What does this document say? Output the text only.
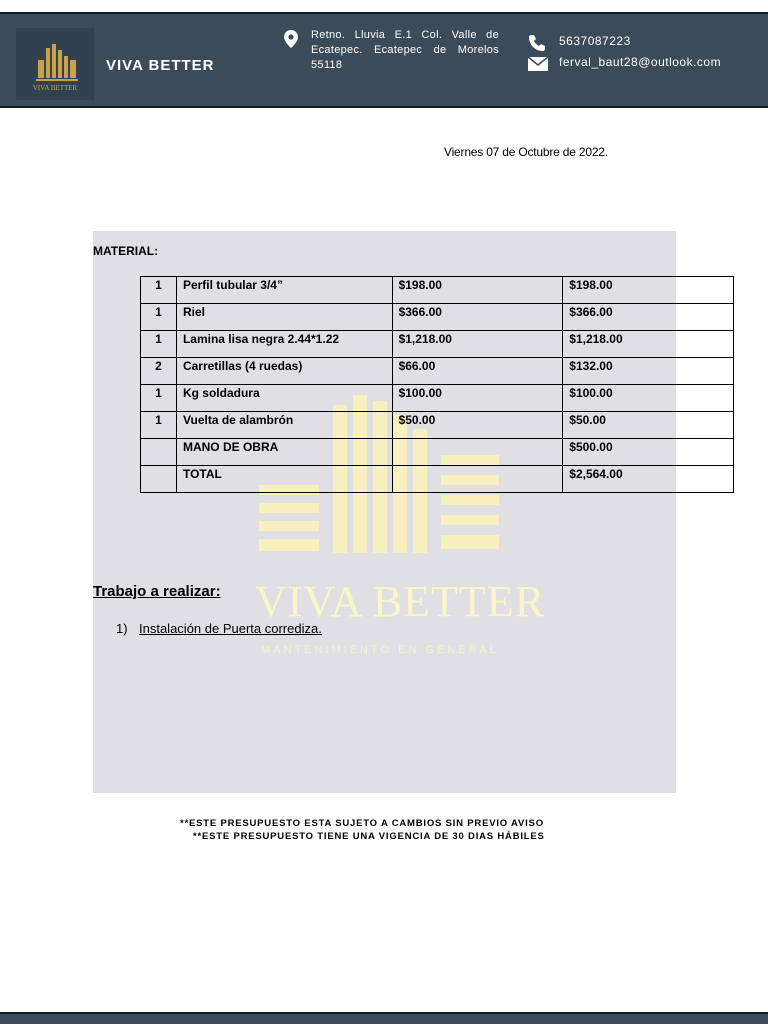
VIVA BETTER
VIVA BETTER
Retno. Lluvia E.1 Col. Valle de Ecatepec. Ecatepec de Morelos 55118
5637087223
ferval_baut28@outlook.com
Viernes 07 de Octubre de 2022.
VIVA BETTER
MANTENIMIENTO EN GENERAL
MATERIAL:
1	Perfil tubular 3/4”	$198.00	$198.00
1	Riel	$366.00	$366.00
1	Lamina lisa negra 2.44*1.22	$1,218.00	$1,218.00
2	Carretillas (4 ruedas)	$66.00	$132.00
1	Kg soldadura	$100.00	$100.00
1	Vuelta de alambrón	$50.00	$50.00
	MANO DE OBRA		$500.00
	TOTAL		$2,564.00
Trabajo a realizar:
1) Instalación de Puerta corrediza.
**ESTE PRESUPUESTO ESTA SUJETO A CAMBIOS SIN PREVIO AVISO
**ESTE PRESUPUESTO TIENE UNA VIGENCIA DE 30 DIAS HÁBILES
